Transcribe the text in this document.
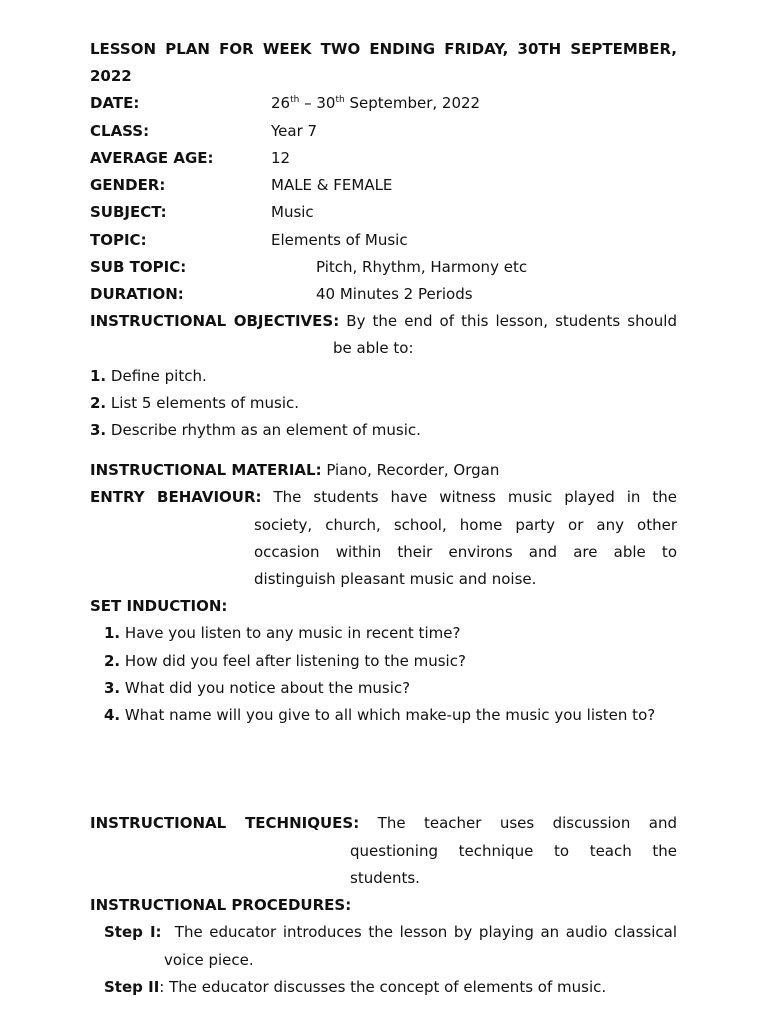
LESSON PLAN FOR WEEK TWO ENDING FRIDAY, 30TH SEPTEMBER,
2022
DATE:	26th – 30th September, 2022
CLASS:	Year 7
AVERAGE AGE:	12
GENDER:	MALE & FEMALE
SUBJECT:	Music
TOPIC:	Elements of Music
SUB TOPIC:	Pitch, Rhythm, Harmony etc
DURATION:	40 Minutes 2 Periods
INSTRUCTIONAL OBJECTIVES: By the end of this lesson, students should
be able to:
1. Define pitch.
2. List 5 elements of music.
3. Describe rhythm as an element of music.
INSTRUCTIONAL MATERIAL: Piano, Recorder, Organ
ENTRY BEHAVIOUR: The students have witness music played in the
society, church, school, home party or any other
occasion within their environs and are able to
distinguish pleasant music and noise.
SET INDUCTION:
1. Have you listen to any music in recent time?
2. How did you feel after listening to the music?
3. What did you notice about the music?
4. What name will you give to all which make-up the music you listen to?
INSTRUCTIONAL TECHNIQUES: The teacher uses discussion and
questioning technique to teach the
students.
INSTRUCTIONAL PROCEDURES:
Step I: The educator introduces the lesson by playing an audio classical
voice piece.
Step II: The educator discusses the concept of elements of music.
